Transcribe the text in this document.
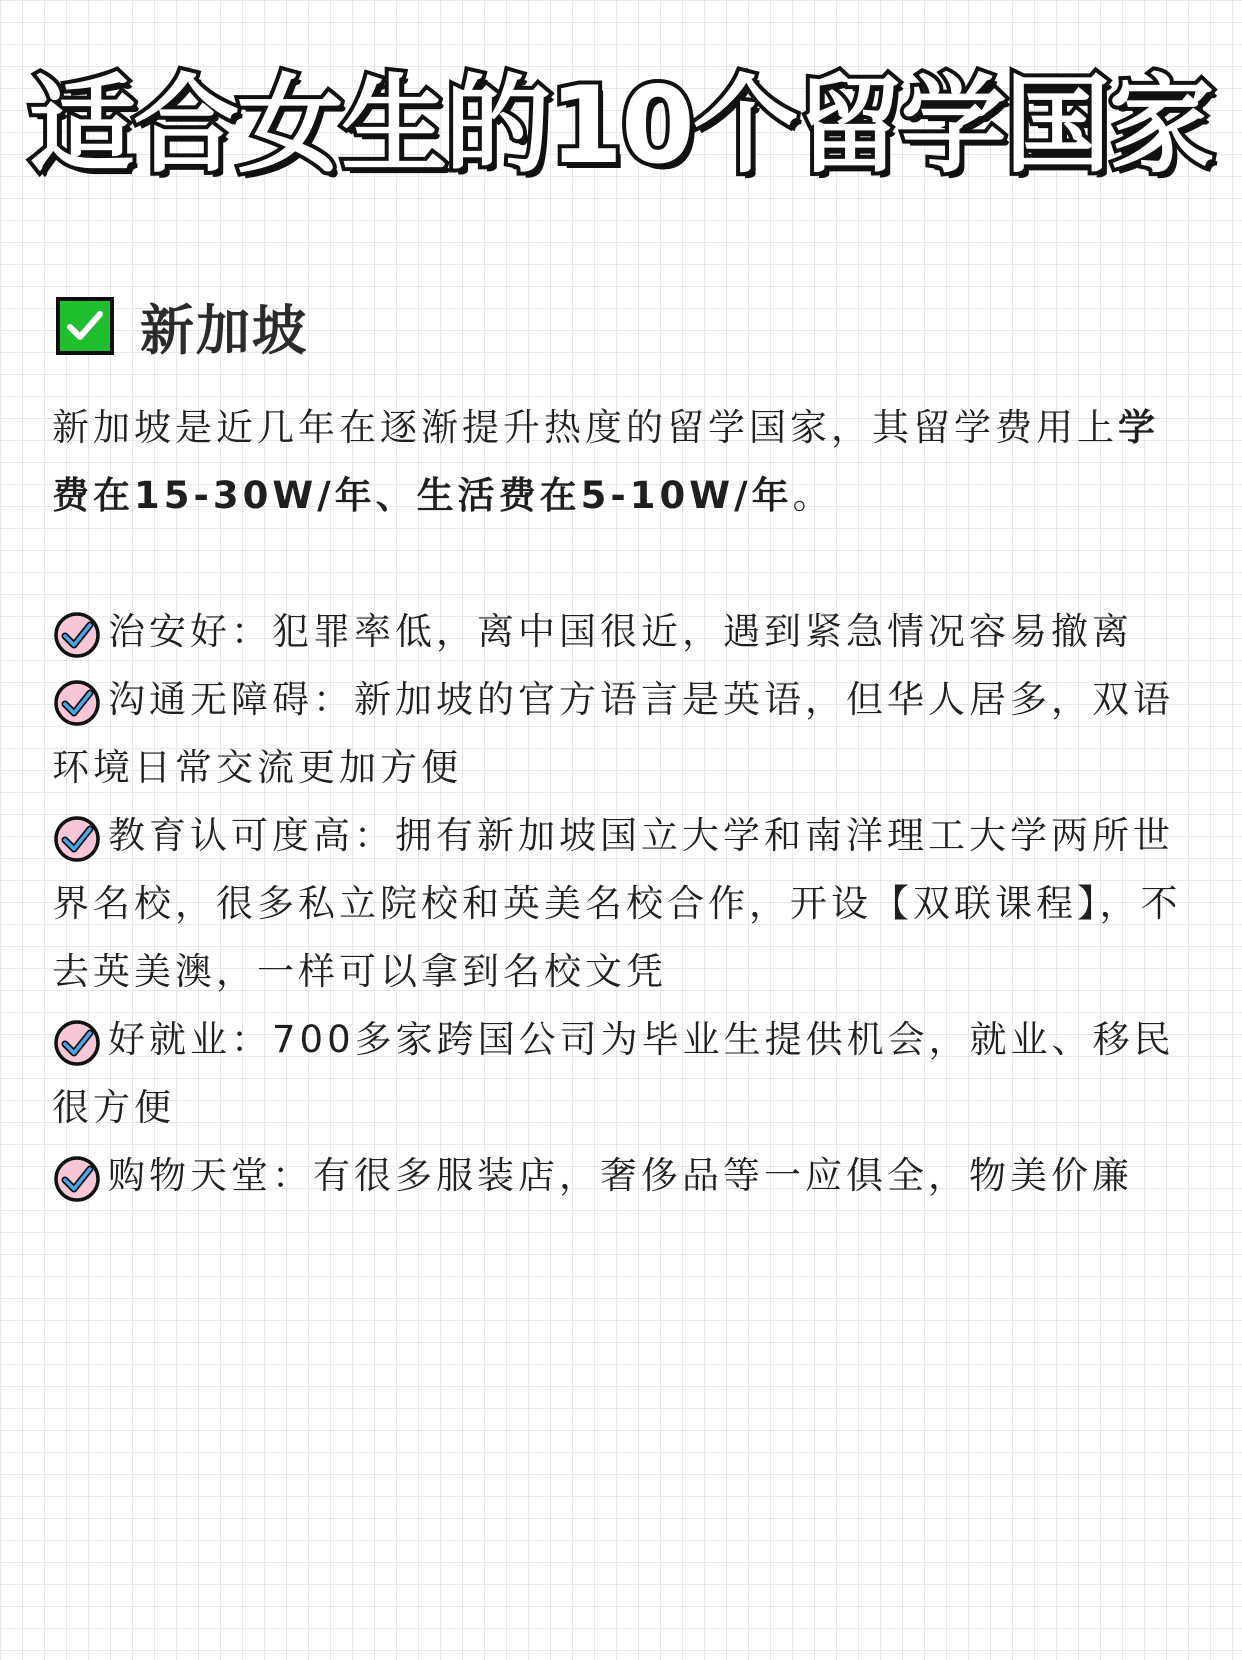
适合女生的10个留学国家
新加坡

新加坡是近几年在逐渐提升热度的留学国家，其留学费用上学费在15-30W/年、生活费在5-10W/年。

治安好：犯罪率低，离中国很近，遇到紧急情况容易撤离

沟通无障碍：新加坡的官方语言是英语，但华人居多，双语环境日常交流更加方便

教育认可度高：拥有新加坡国立大学和南洋理工大学两所世界名校，很多私立院校和英美名校合作，开设【双联课程】，不去英美澳，一样可以拿到名校文凭

好就业：700多家跨国公司为毕业生提供机会，就业、移民很方便

购物天堂：有很多服装店，奢侈品等一应俱全，物美价廉
